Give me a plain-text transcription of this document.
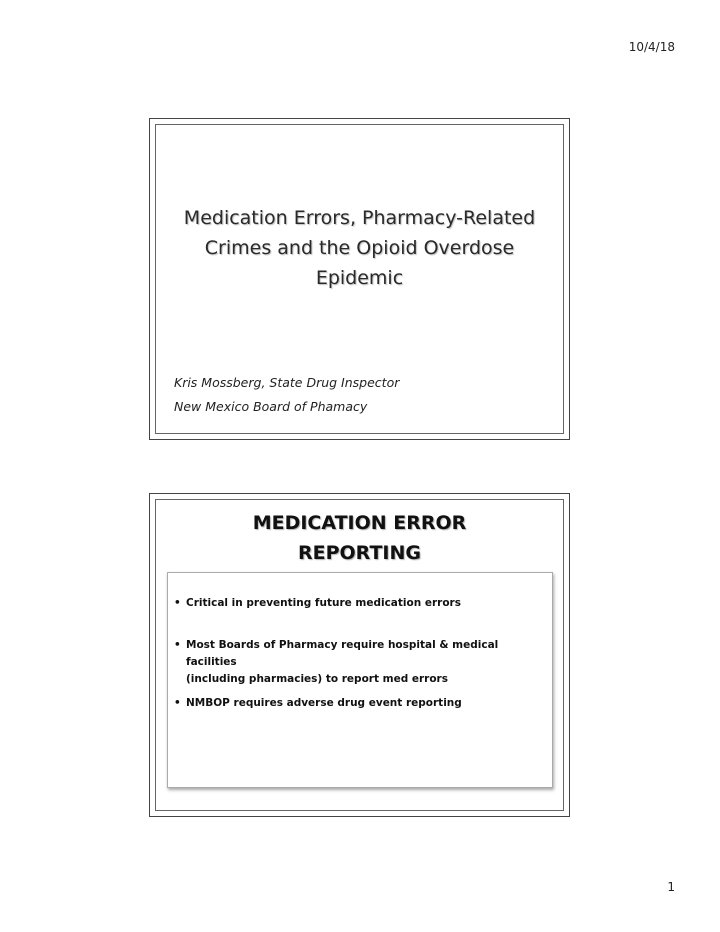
10/4/18
Medication Errors, Pharmacy-Related
Crimes and the Opioid Overdose
Epidemic
Kris Mossberg, State Drug Inspector
New Mexico Board of Phamacy
MEDICATION ERROR
REPORTING
• Critical in preventing future medication errors
• Most Boards of Pharmacy require hospital & medical facilities
(including pharmacies) to report med errors
• NMBOP requires adverse drug event reporting
1
